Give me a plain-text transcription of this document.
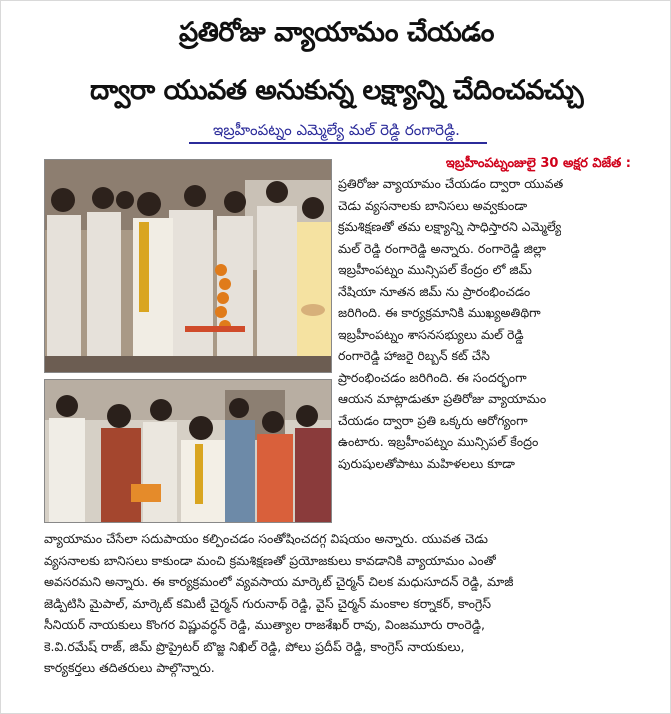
ప్రతిరోజు వ్యాయామం చేయడం
ద్వారా యువత అనుకున్న లక్ష్యాన్ని చేదించవచ్చు
ఇబ్రహీంపట్నం ఎమ్మెల్యే మల్ రెడ్డి రంగారెడ్డి.
ఇబ్రహీంపట్నంజులై 30 అక్షర విజేత :
ప్రతిరోజు వ్యాయామం చేయడం ద్వారా యువత
చెడు వ్యసనాలకు బానిసలు అవ్వకుండా
క్రమశిక్షణతో తమ లక్ష్యాన్ని సాధిస్తారని ఎమ్మెల్యే
మల్ రెడ్డి రంగారెడ్డి అన్నారు. రంగారెడ్డి జిల్లా
ఇబ్రహీంపట్నం మున్సిపల్ కేంద్రం లో జిమ్
నేషియా నూతన జిమ్ ను ప్రారంభించడం
జరిగింది. ఈ కార్యక్రమానికి ముఖ్యఅతిథిగా
ఇబ్రహీంపట్నం శాసనసభ్యులు మల్ రెడ్డి
రంగారెడ్డి హాజరై రిబ్బన్ కట్ చేసి
ప్రారంభించడం జరిగింది. ఈ సందర్భంగా
ఆయన మాట్లాడుతూ ప్రతిరోజు వ్యాయామం
చేయడం ద్వారా ప్రతి ఒక్కరు ఆరోగ్యంగా
ఉంటారు. ఇబ్రహీంపట్నం మున్సిపల్ కేంద్రం
పురుషులతోపాటు మహిళలలు కూడా
వ్యాయామం చేసేలా సదుపాయం కల్పించడం సంతోషించదగ్గ విషయం అన్నారు. యువత చెడు
వ్యసనాలకు బానిసలు కాకుండా మంచి క్రమశిక్షణతో ప్రయోజకులు కావడానికి వ్యాయామం ఎంతో
అవసరమని అన్నారు. ఈ కార్యక్రమంలో వ్యవసాయ మార్కెట్ చైర్మన్ చిలక మధుసూదన్ రెడ్డి, మాజీ
జెడ్పిటిసి మైపాల్, మార్కెట్ కమిటీ చైర్మన్ గురునాథ్ రెడ్డి, వైస్ చైర్మన్ మంకాల కర్నాకర్, కాంగ్రెస్
సీనియర్ నాయకులు కొంగర విష్ణువర్ధన్ రెడ్డి, ముత్యాల రాజశేఖర్ రావు, వింజమూరు రాంరెడ్డి,
కె.వి.రమేష్ రాజ్, జిమ్ ప్రొప్రైటర్ బొజ్జ నిఖిల్ రెడ్డి, పోలు ప్రదీప్ రెడ్డి, కాంగ్రెస్ నాయకులు,
కార్యకర్తలు తదితరులు పాల్గొన్నారు.
